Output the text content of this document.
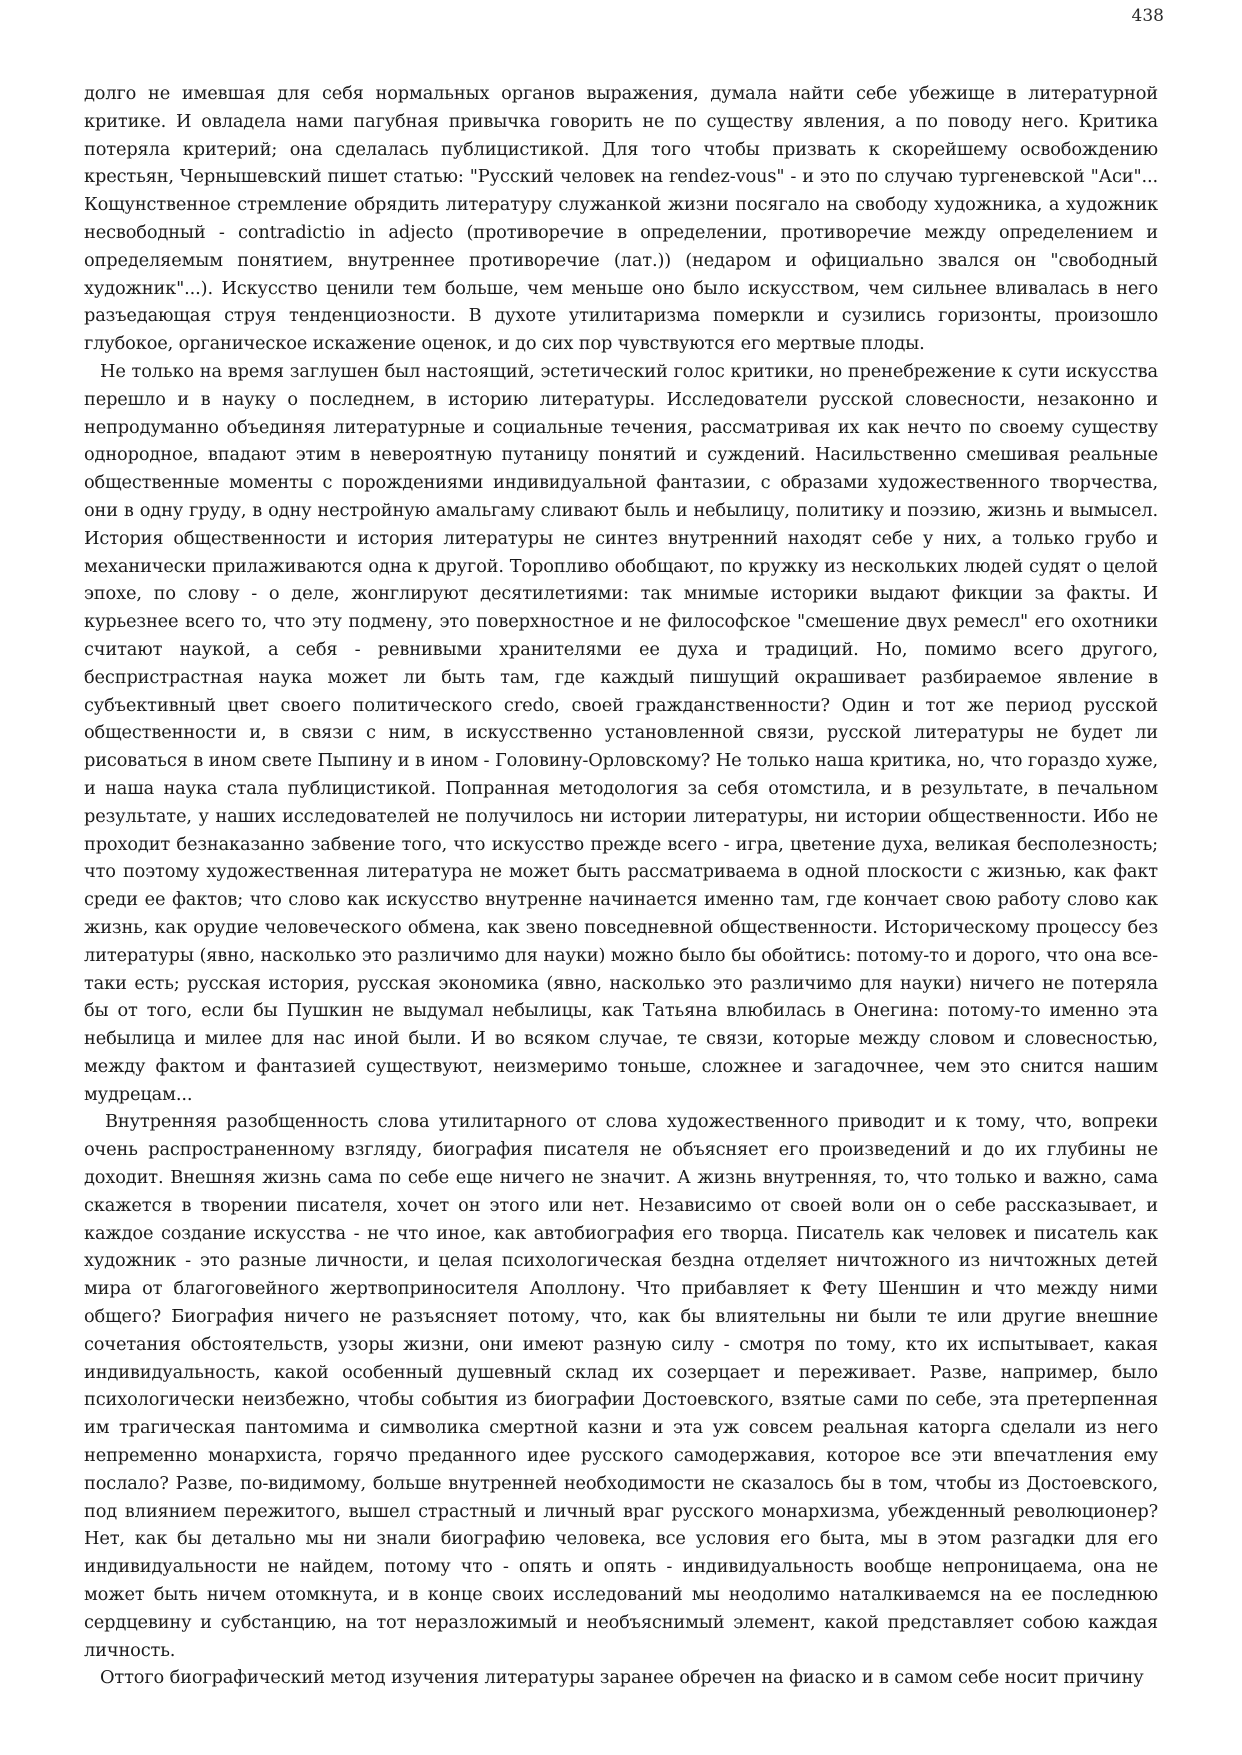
438

долго не имевшая для себя нормальных органов выражения, думала найти себе убежище в литературной критике. И овладела нами пагубная привычка говорить не по существу явления, а по поводу него. Критика потеряла критерий; она сделалась публицистикой. Для того чтобы призвать к скорейшему освобождению крестьян, Чернышевский пишет статью: "Русский человек на rendez-vous" - и это по случаю тургеневской "Аси"... Кощунственное стремление обрядить литературу служанкой жизни посягало на свободу художника, а художник несвободный - contradictio in adjecto (противоречие в определении, противоречие между определением и определяемым понятием, внутреннее противоречие (лат.)) (недаром и официально звался он "свободный художник"...). Искусство ценили тем больше, чем меньше оно было искусством, чем сильнее вливалась в него разъедающая струя тенденциозности. В духоте утилитаризма померкли и сузились горизонты, произошло глубокое, органическое искажение оценок, и до сих пор чувствуются его мертвые плоды.

Не только на время заглушен был настоящий, эстетический голос критики, но пренебрежение к сути искусства перешло и в науку о последнем, в историю литературы. Исследователи русской словесности, незаконно и непродуманно объединяя литературные и социальные течения, рассматривая их как нечто по своему существу однородное, впадают этим в невероятную путаницу понятий и суждений. Насильственно смешивая реальные общественные моменты с порождениями индивидуальной фантазии, с образами художественного творчества, они в одну груду, в одну нестройную амальгаму сливают быль и небылицу, политику и поэзию, жизнь и вымысел. История общественности и история литературы не синтез внутренний находят себе у них, а только грубо и механически прилаживаются одна к другой. Торопливо обобщают, по кружку из нескольких людей судят о целой эпохе, по слову - о деле, жонглируют десятилетиями: так мнимые историки выдают фикции за факты. И курьезнее всего то, что эту подмену, это поверхностное и не философское "смешение двух ремесл" его охотники считают наукой, а себя - ревнивыми хранителями ее духа и традиций. Но, помимо всего другого, беспристрастная наука может ли быть там, где каждый пишущий окрашивает разбираемое явление в субъективный цвет своего политического credo, своей гражданственности? Один и тот же период русской общественности и, в связи с ним, в искусственно установленной связи, русской литературы не будет ли рисоваться в ином свете Пыпину и в ином - Головину-Орловскому? Не только наша критика, но, что гораздо хуже, и наша наука стала публицистикой. Попранная методология за себя отомстила, и в результате, в печальном результате, у наших исследователей не получилось ни истории литературы, ни истории общественности. Ибо не проходит безнаказанно забвение того, что искусство прежде всего - игра, цветение духа, великая бесполезность; что поэтому художественная литература не может быть рассматриваема в одной плоскости с жизнью, как факт среди ее фактов; что слово как искусство внутренне начинается именно там, где кончает свою работу слово как жизнь, как орудие человеческого обмена, как звено повседневной общественности. Историческому процессу без литературы (явно, насколько это различимо для науки) можно было бы обойтись: потому-то и дорого, что она все-таки есть; русская история, русская экономика (явно, насколько это различимо для науки) ничего не потеряла бы от того, если бы Пушкин не выдумал небылицы, как Татьяна влюбилась в Онегина: потому-то именно эта небылица и милее для нас иной были. И во всяком случае, те связи, которые между словом и словесностью, между фактом и фантазией существуют, неизмеримо тоньше, сложнее и загадочнее, чем это снится нашим мудрецам...

Внутренняя разобщенность слова утилитарного от слова художественного приводит и к тому, что, вопреки очень распространенному взгляду, биография писателя не объясняет его произведений и до их глубины не доходит. Внешняя жизнь сама по себе еще ничего не значит. А жизнь внутренняя, то, что только и важно, сама скажется в творении писателя, хочет он этого или нет. Независимо от своей воли он о себе рассказывает, и каждое создание искусства - не что иное, как автобиография его творца. Писатель как человек и писатель как художник - это разные личности, и целая психологическая бездна отделяет ничтожного из ничтожных детей мира от благоговейного жертвоприносителя Аполлону. Что прибавляет к Фету Шеншин и что между ними общего? Биография ничего не разъясняет потому, что, как бы влиятельны ни были те или другие внешние сочетания обстоятельств, узоры жизни, они имеют разную силу - смотря по тому, кто их испытывает, какая индивидуальность, какой особенный душевный склад их созерцает и переживает. Разве, например, было психологически неизбежно, чтобы события из биографии Достоевского, взятые сами по себе, эта претерпенная им трагическая пантомима и символика смертной казни и эта уж совсем реальная каторга сделали из него непременно монархиста, горячо преданного идее русского самодержавия, которое все эти впечатления ему послало? Разве, по-видимому, больше внутренней необходимости не сказалось бы в том, чтобы из Достоевского, под влиянием пережитого, вышел страстный и личный враг русского монархизма, убежденный революционер? Нет, как бы детально мы ни знали биографию человека, все условия его быта, мы в этом разгадки для его индивидуальности не найдем, потому что - опять и опять - индивидуальность вообще непроницаема, она не может быть ничем отомкнута, и в конце своих исследований мы неодолимо наталкиваемся на ее последнюю сердцевину и субстанцию, на тот неразложимый и необъяснимый элемент, какой представляет собою каждая личность.

Оттого биографический метод изучения литературы заранее обречен на фиаско и в самом себе носит причину
